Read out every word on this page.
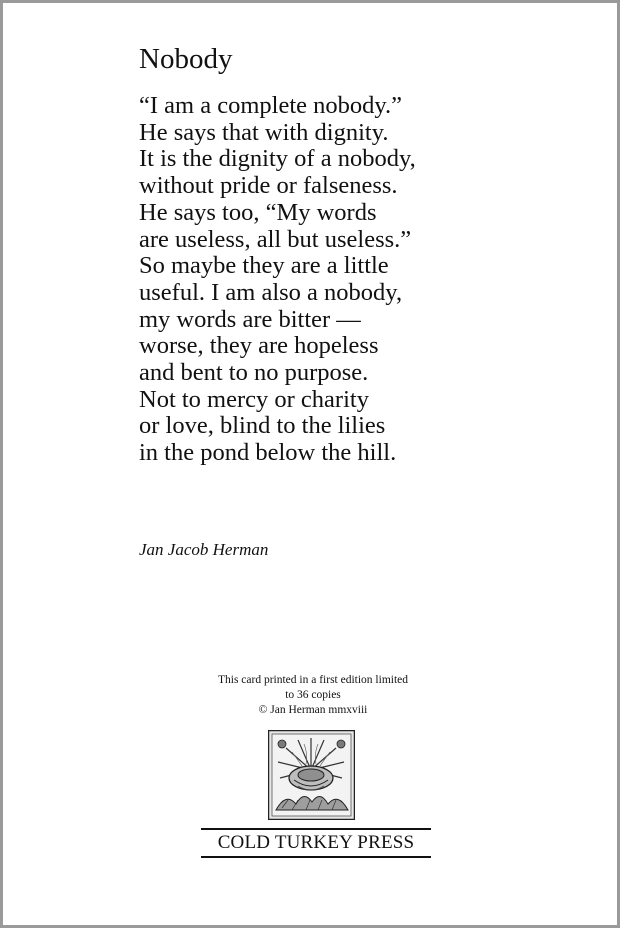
Nobody
“I am a complete nobody.”
He says that with dignity.
It is the dignity of a nobody,
without pride or falseness.
He says too, “My words
are useless, all but useless.”
So maybe they are a little
useful. I am also a nobody,
my words are bitter —
worse, they are hopeless
and bent to no purpose.
Not to mercy or charity
or love, blind to the lilies
in the pond below the hill.
Jan Jacob Herman
This card printed in a first edition limited
to 36 copies
© Jan Herman mmxviii
COLD TURKEY PRESS
